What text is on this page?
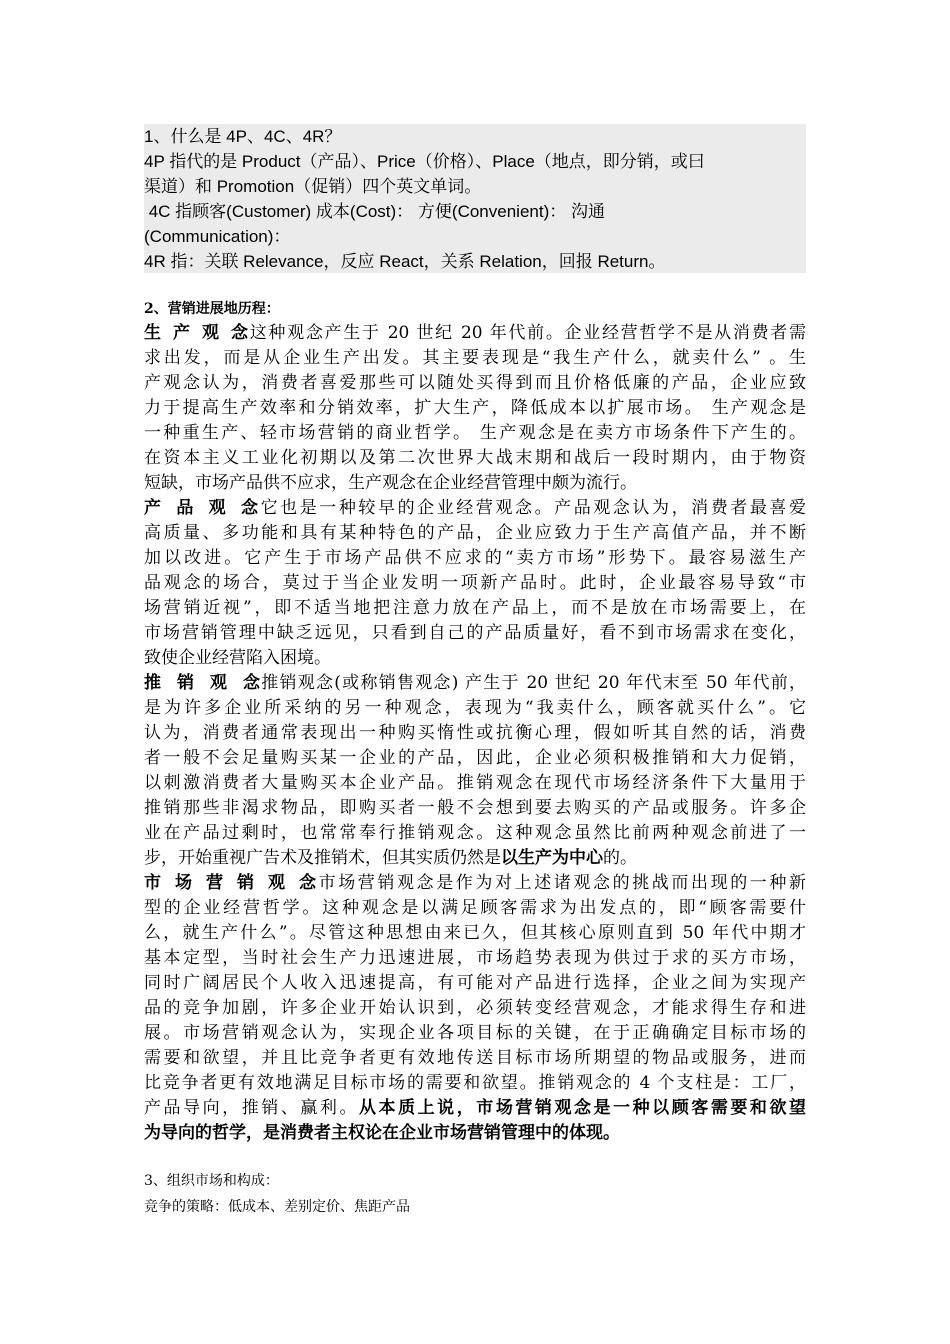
1、什么是 4P、4C、4R？
4P 指代的是 Product（产品）、Price（价格）、Place（地点，即分销，或曰
渠道）和 Promotion（促销）四个英文单词。
4C 指顾客(Customer) 成本(Cost)： 方便(Convenient)： 沟通
(Communication)：
4R 指：关联 Relevance，反应 React，关系 Relation，回报 Return。
2、营销进展地历程：
生产观念这种观念产生于 20 世纪 20 年代前。企业经营哲学不是从消费者需
求出发，而是从企业生产出发。其主要表现是“我生产什么，就卖什么” 。生
产观念认为，消费者喜爱那些可以随处买得到而且价格低廉的产品，企业应致
力于提高生产效率和分销效率，扩大生产，降低成本以扩展市场。 生产观念是
一种重生产、轻市场营销的商业哲学。 生产观念是在卖方市场条件下产生的。
在资本主义工业化初期以及第二次世界大战末期和战后一段时期内，由于物资
短缺，市场产品供不应求，生产观念在企业经营管理中颇为流行。
产品观念它也是一种较早的企业经营观念。产品观念认为，消费者最喜爱
高质量、多功能和具有某种特色的产品，企业应致力于生产高值产品，并不断
加以改进。它产生于市场产品供不应求的“卖方市场”形势下。最容易滋生产
品观念的场合，莫过于当企业发明一项新产品时。此时，企业最容易导致“市
场营销近视”，即不适当地把注意力放在产品上，而不是放在市场需要上，在
市场营销管理中缺乏远见，只看到自己的产品质量好，看不到市场需求在变化，
致使企业经营陷入困境。
推销观念推销观念(或称销售观念) 产生于 20 世纪 20 年代末至 50 年代前，
是为许多企业所采纳的另一种观念，表现为“我卖什么，顾客就买什么”。它
认为，消费者通常表现出一种购买惰性或抗衡心理，假如听其自然的话，消费
者一般不会足量购买某一企业的产品，因此，企业必须积极推销和大力促销，
以刺激消费者大量购买本企业产品。推销观念在现代市场经济条件下大量用于
推销那些非渴求物品，即购买者一般不会想到要去购买的产品或服务。许多企
业在产品过剩时，也常常奉行推销观念。这种观念虽然比前两种观念前进了一
步，开始重视广告术及推销术，但其实质仍然是以生产为中心的。
市场营销观念市场营销观念是作为对上述诸观念的挑战而出现的一种新
型的企业经营哲学。这种观念是以满足顾客需求为出发点的，即“顾客需要什
么，就生产什么”。尽管这种思想由来已久，但其核心原则直到 50 年代中期才
基本定型，当时社会生产力迅速进展，市场趋势表现为供过于求的买方市场，
同时广阔居民个人收入迅速提高，有可能对产品进行选择，企业之间为实现产
品的竞争加剧，许多企业开始认识到，必须转变经营观念，才能求得生存和进
展。市场营销观念认为，实现企业各项目标的关键，在于正确确定目标市场的
需要和欲望，并且比竞争者更有效地传送目标市场所期望的物品或服务，进而
比竞争者更有效地满足目标市场的需要和欲望。推销观念的 4 个支柱是：工厂，
产品导向，推销、赢利。从本质上说，市场营销观念是一种以顾客需要和欲望
为导向的哲学，是消费者主权论在企业市场营销管理中的体现。
3、组织市场和构成：
竞争的策略：低成本、差别定价、焦距产品
